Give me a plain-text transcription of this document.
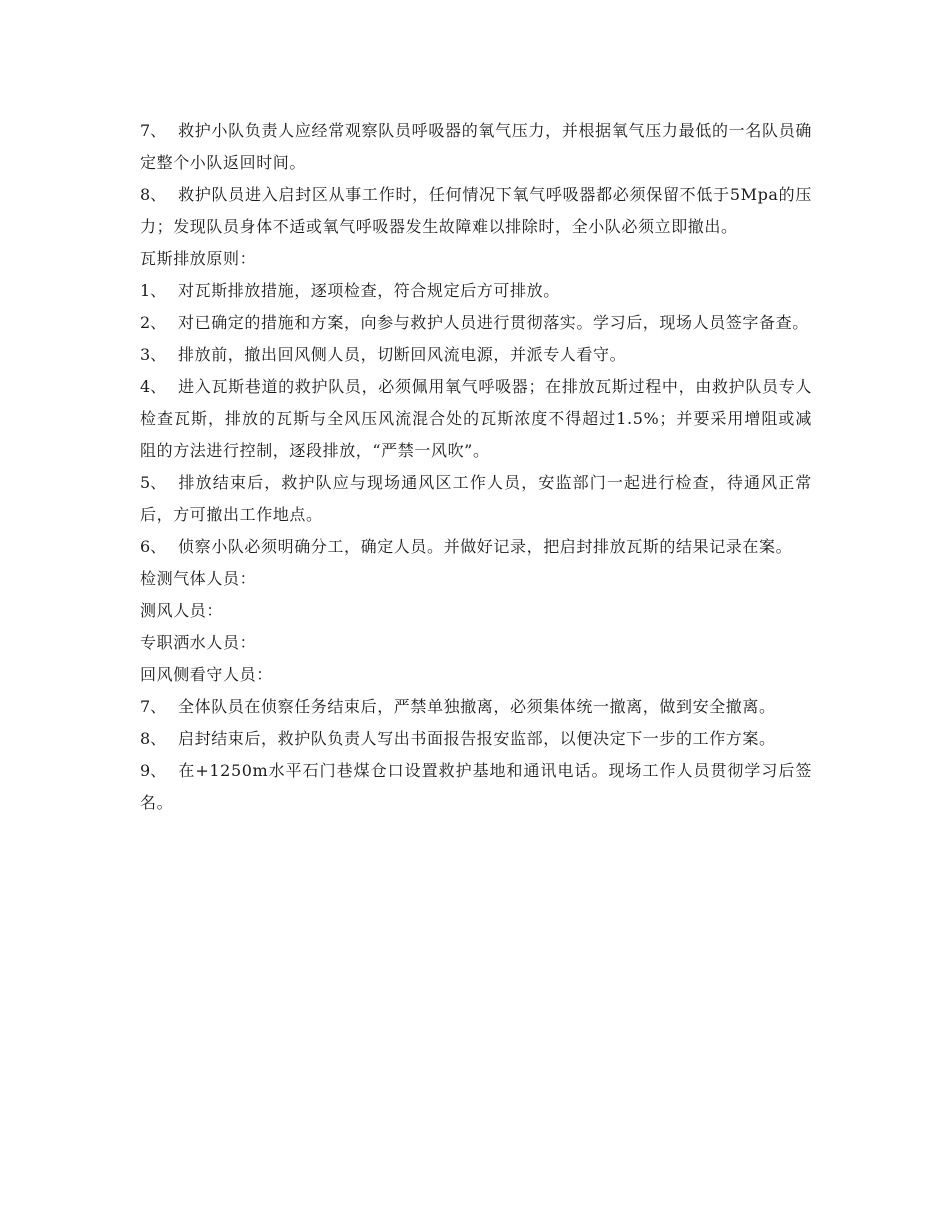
7、 救护小队负责人应经常观察队员呼吸器的氧气压力，并根据氧气压力最低的一名队员确定整个小队返回时间。

8、 救护队员进入启封区从事工作时，任何情况下氧气呼吸器都必须保留不低于5Mpa的压力；发现队员身体不适或氧气呼吸器发生故障难以排除时，全小队必须立即撤出。

瓦斯排放原则：

1、 对瓦斯排放措施，逐项检查，符合规定后方可排放。

2、 对已确定的措施和方案，向参与救护人员进行贯彻落实。学习后，现场人员签字备查。

3、 排放前，撤出回风侧人员，切断回风流电源，并派专人看守。

4、 进入瓦斯巷道的救护队员，必须佩用氧气呼吸器；在排放瓦斯过程中，由救护队员专人检查瓦斯，排放的瓦斯与全风压风流混合处的瓦斯浓度不得超过1.5%；并要采用增阻或减阻的方法进行控制，逐段排放，“严禁一风吹”。

5、 排放结束后，救护队应与现场通风区工作人员，安监部门一起进行检查，待通风正常后，方可撤出工作地点。

6、 侦察小队必须明确分工，确定人员。并做好记录，把启封排放瓦斯的结果记录在案。

检测气体人员：

测风人员：

专职洒水人员：

回风侧看守人员：

7、 全体队员在侦察任务结束后，严禁单独撤离，必须集体统一撤离，做到安全撤离。

8、 启封结束后，救护队负责人写出书面报告报安监部，以便决定下一步的工作方案。

9、 在+1250m水平石门巷煤仓口设置救护基地和通讯电话。现场工作人员贯彻学习后签名。
